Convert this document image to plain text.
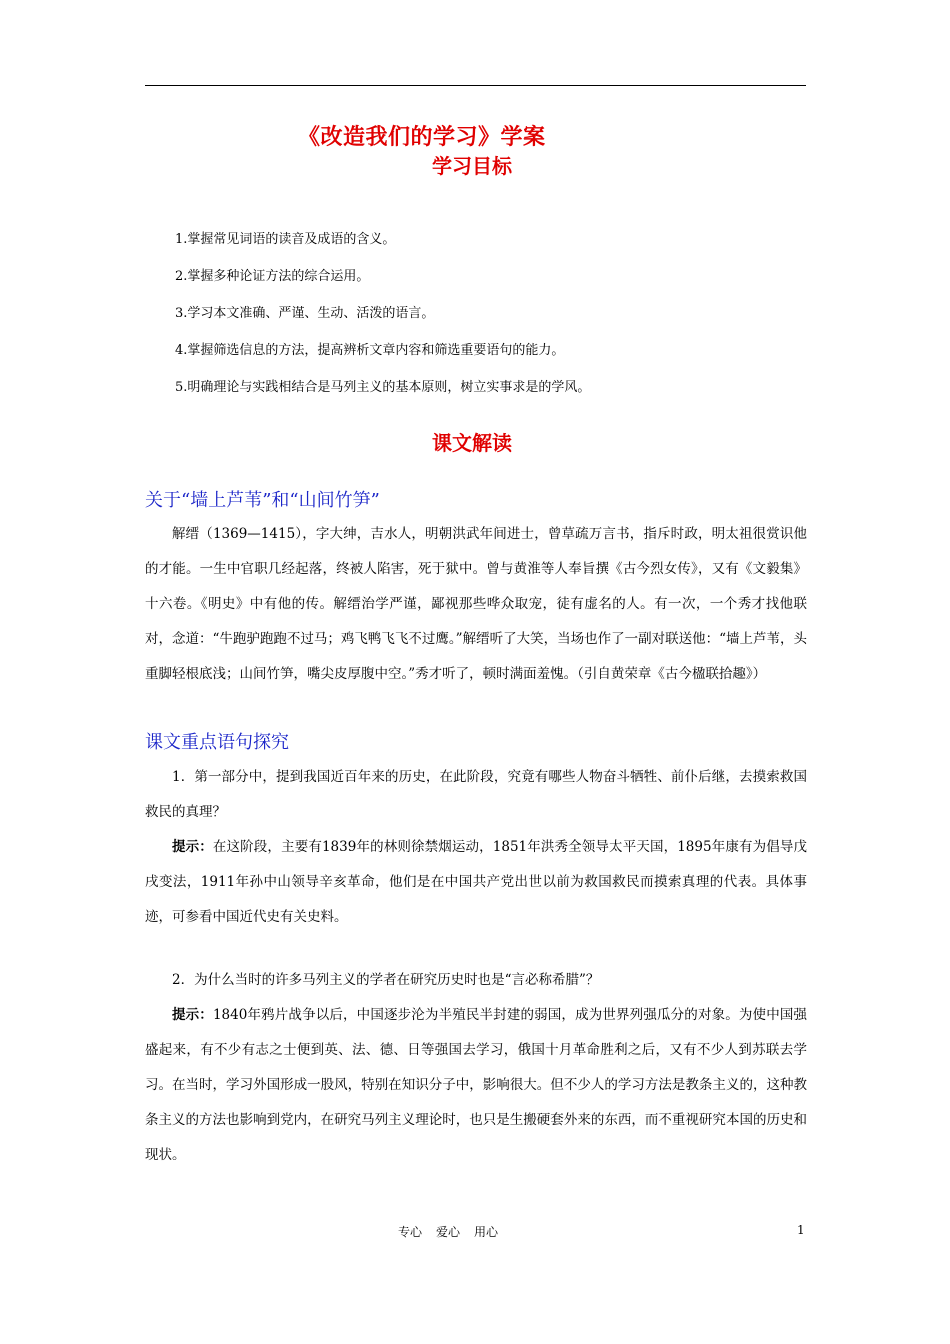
《改造我们的学习》学案
学习目标
1.掌握常见词语的读音及成语的含义。
2.掌握多种论证方法的综合运用。
3.学习本文准确、严谨、生动、活泼的语言。
4.掌握筛选信息的方法，提高辨析文章内容和筛选重要语句的能力。
5.明确理论与实践相结合是马列主义的基本原则，树立实事求是的学风。
课文解读
关于“墙上芦苇”和“山间竹笋”

解缙（1369—1415），字大绅，吉水人，明朝洪武年间进士，曾草疏万言书，指斥时政，明太祖很赏识他的才能。一生中官职几经起落，终被人陷害，死于狱中。曾与黄淮等人奉旨撰《古今烈女传》，又有《文毅集》十六卷。《明史》中有他的传。解缙治学严谨，鄙视那些哗众取宠，徒有虚名的人。有一次，一个秀才找他联对，念道：“牛跑驴跑跑不过马；鸡飞鸭飞飞不过鹰。”解缙听了大笑，当场也作了一副对联送他：“墙上芦苇，头重脚轻根底浅；山间竹笋，嘴尖皮厚腹中空。”秀才听了，顿时满面羞愧。（引自黄荣章《古今楹联拾趣》）

课文重点语句探究

1．第一部分中，提到我国近百年来的历史，在此阶段，究竟有哪些人物奋斗牺牲、前仆后继，去摸索救国救民的真理？

提示：在这阶段，主要有1839年的林则徐禁烟运动，1851年洪秀全领导太平天国，1895年康有为倡导戊戌变法，1911年孙中山领导辛亥革命，他们是在中国共产党出世以前为救国救民而摸索真理的代表。具体事迹，可参看中国近代史有关史料。

2．为什么当时的许多马列主义的学者在研究历史时也是“言必称希腊”？

提示：1840年鸦片战争以后，中国逐步沦为半殖民半封建的弱国，成为世界列强瓜分的对象。为使中国强盛起来，有不少有志之士便到英、法、德、日等强国去学习，俄国十月革命胜利之后，又有不少人到苏联去学习。在当时，学习外国形成一股风，特别在知识分子中，影响很大。但不少人的学习方法是教条主义的，这种教条主义的方法也影响到党内，在研究马列主义理论时，也只是生搬硬套外来的东西，而不重视研究本国的历史和现状。

专心 爱心 用心	1
